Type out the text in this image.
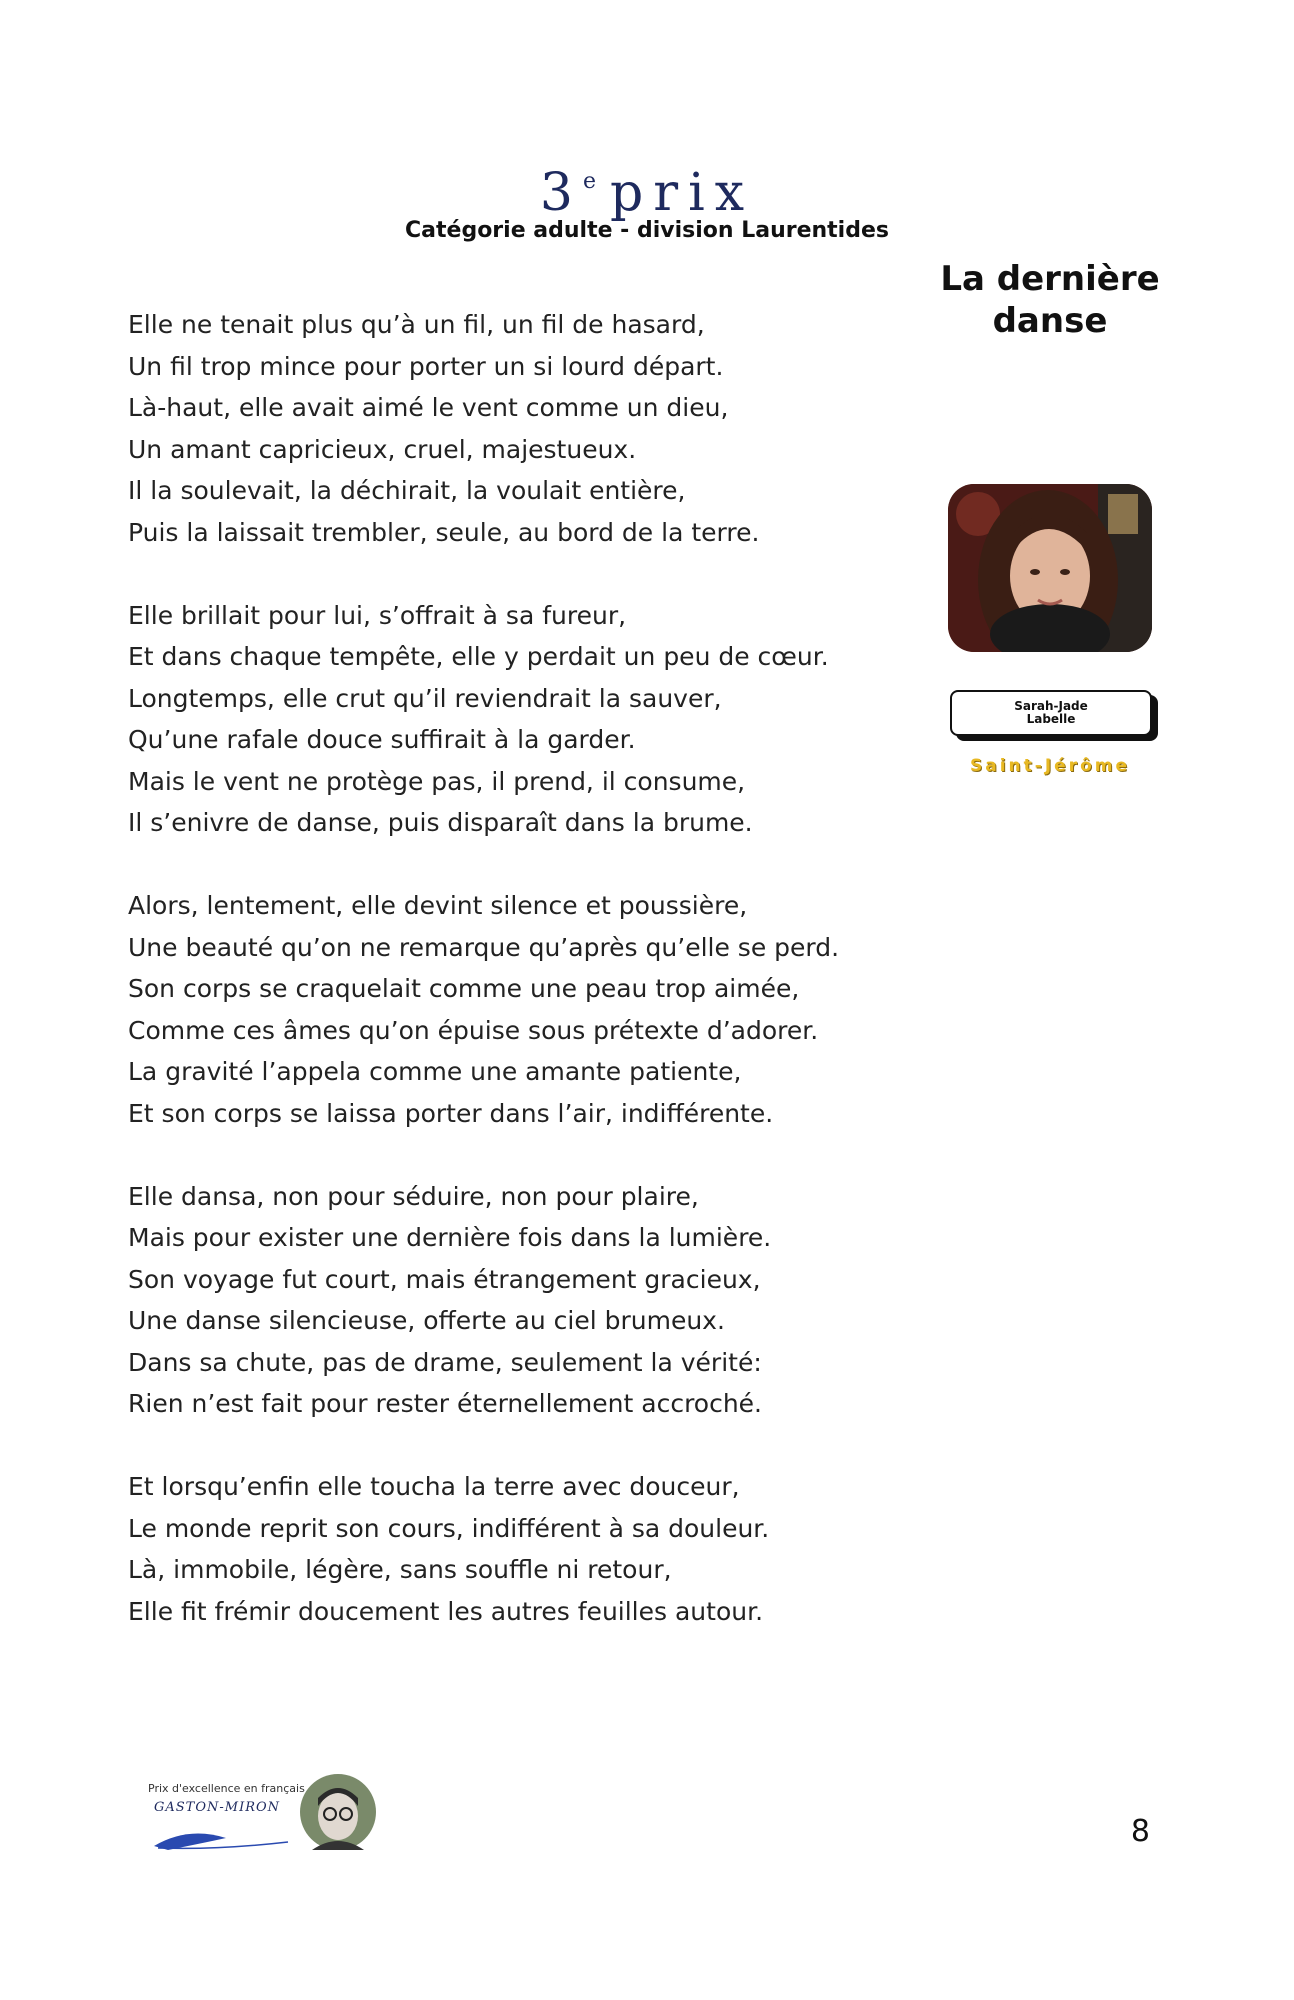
3e prix
Catégorie adulte - division Laurentides
La dernière
danse
Elle ne tenait plus qu’à un fil, un fil de hasard,
Un fil trop mince pour porter un si lourd départ.
Là-haut, elle avait aimé le vent comme un dieu,
Un amant capricieux, cruel, majestueux.
Il la soulevait, la déchirait, la voulait entière,
Puis la laissait trembler, seule, au bord de la terre.
Elle brillait pour lui, s’offrait à sa fureur,
Et dans chaque tempête, elle y perdait un peu de cœur.
Longtemps, elle crut qu’il reviendrait la sauver,
Qu’une rafale douce suffirait à la garder.
Mais le vent ne protège pas, il prend, il consume,
Il s’enivre de danse, puis disparaît dans la brume.
Alors, lentement, elle devint silence et poussière,
Une beauté qu’on ne remarque qu’après qu’elle se perd.
Son corps se craquelait comme une peau trop aimée,
Comme ces âmes qu’on épuise sous prétexte d’adorer.
La gravité l’appela comme une amante patiente,
Et son corps se laissa porter dans l’air, indifférente.
Elle dansa, non pour séduire, non pour plaire,
Mais pour exister une dernière fois dans la lumière.
Son voyage fut court, mais étrangement gracieux,
Une danse silencieuse, offerte au ciel brumeux.
Dans sa chute, pas de drame, seulement la vérité:
Rien n’est fait pour rester éternellement accroché.
Et lorsqu’enfin elle toucha la terre avec douceur,
Le monde reprit son cours, indifférent à sa douleur.
Là, immobile, légère, sans souffle ni retour,
Elle fit frémir doucement les autres feuilles autour.
Sarah-Jade
Labelle
Saint-Jérôme
Prix d'excellence en français
GASTON-MIRON
8
